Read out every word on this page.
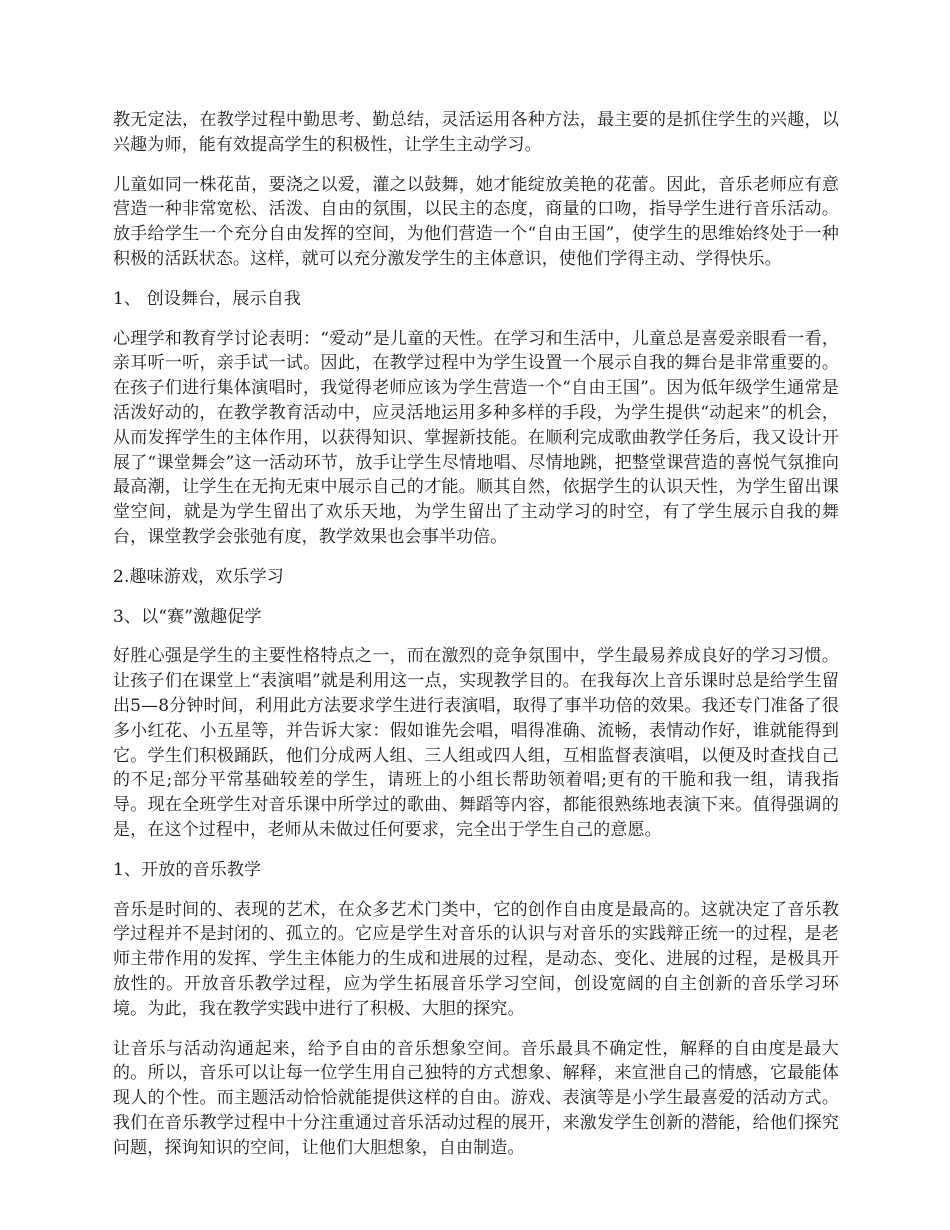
教无定法，在教学过程中勤思考、勤总结，灵活运用各种方法，最主要的是抓住学生的兴趣，以兴趣为师，能有效提高学生的积极性，让学生主动学习。

儿童如同一株花苗，要浇之以爱，灌之以鼓舞，她才能绽放美艳的花蕾。因此，音乐老师应有意营造一种非常宽松、活泼、自由的氛围，以民主的态度，商量的口吻，指导学生进行音乐活动。放手给学生一个充分自由发挥的空间，为他们营造一个“自由王国”，使学生的思维始终处于一种积极的活跃状态。这样，就可以充分激发学生的主体意识，使他们学得主动、学得快乐。

1、 创设舞台，展示自我

心理学和教育学讨论表明：“爱动”是儿童的天性。在学习和生活中，儿童总是喜爱亲眼看一看，亲耳听一听，亲手试一试。因此，在教学过程中为学生设置一个展示自我的舞台是非常重要的。在孩子们进行集体演唱时，我觉得老师应该为学生营造一个“自由王国”。因为低年级学生通常是活泼好动的，在教学教育活动中，应灵活地运用多种多样的手段，为学生提供“动起来”的机会，从而发挥学生的主体作用，以获得知识、掌握新技能。在顺利完成歌曲教学任务后，我又设计开展了“课堂舞会”这一活动环节，放手让学生尽情地唱、尽情地跳，把整堂课营造的喜悦气氛推向最高潮，让学生在无拘无束中展示自己的才能。顺其自然，依据学生的认识天性，为学生留出课堂空间，就是为学生留出了欢乐天地，为学生留出了主动学习的时空，有了学生展示自我的舞台，课堂教学会张弛有度，教学效果也会事半功倍。

2.趣味游戏，欢乐学习

3、以“赛”激趣促学

好胜心强是学生的主要性格特点之一，而在激烈的竞争氛围中，学生最易养成良好的学习习惯。让孩子们在课堂上“表演唱”就是利用这一点，实现教学目的。在我每次上音乐课时总是给学生留出5—8分钟时间，利用此方法要求学生进行表演唱，取得了事半功倍的效果。我还专门准备了很多小红花、小五星等，并告诉大家：假如谁先会唱，唱得准确、流畅，表情动作好，谁就能得到它。学生们积极踊跃，他们分成两人组、三人组或四人组，互相监督表演唱，以便及时查找自己的不足;部分平常基础较差的学生，请班上的小组长帮助领着唱;更有的干脆和我一组，请我指导。现在全班学生对音乐课中所学过的歌曲、舞蹈等内容，都能很熟练地表演下来。值得强调的是，在这个过程中，老师从未做过任何要求，完全出于学生自己的意愿。

1、开放的音乐教学

音乐是时间的、表现的艺术，在众多艺术门类中，它的创作自由度是最高的。这就决定了音乐教学过程并不是封闭的、孤立的。它应是学生对音乐的认识与对音乐的实践辩正统一的过程，是老师主带作用的发挥、学生主体能力的生成和进展的过程，是动态、变化、进展的过程，是极具开放性的。开放音乐教学过程，应为学生拓展音乐学习空间，创设宽阔的自主创新的音乐学习环境。为此，我在教学实践中进行了积极、大胆的探究。

让音乐与活动沟通起来，给予自由的音乐想象空间。音乐最具不确定性，解释的自由度是最大的。所以，音乐可以让每一位学生用自己独特的方式想象、解释，来宣泄自己的情感，它最能体现人的个性。而主题活动恰恰就能提供这样的自由。游戏、表演等是小学生最喜爱的活动方式。我们在音乐教学过程中十分注重通过音乐活动过程的展开，来激发学生创新的潜能，给他们探究问题，探询知识的空间，让他们大胆想象，自由制造。
